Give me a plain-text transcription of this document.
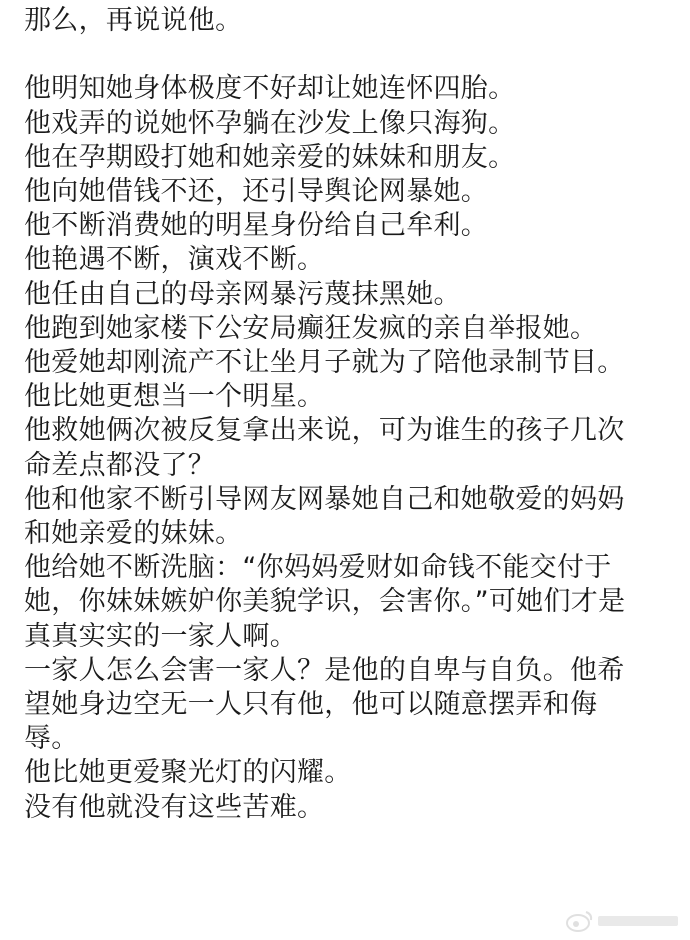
那么，再说说他。
他明知她身体极度不好却让她连怀四胎。
他戏弄的说她怀孕躺在沙发上像只海狗。
他在孕期殴打她和她亲爱的妹妹和朋友。
他向她借钱不还，还引导舆论网暴她。
他不断消费她的明星身份给自己牟利。
他艳遇不断，演戏不断。
他任由自己的母亲网暴污蔑抹黑她。
他跑到她家楼下公安局癫狂发疯的亲自举报她。
他爱她却刚流产不让坐月子就为了陪他录制节目。
他比她更想当一个明星。
他救她俩次被反复拿出来说，可为谁生的孩子几次
命差点都没了？
他和他家不断引导网友网暴她自己和她敬爱的妈妈
和她亲爱的妹妹。
他给她不断洗脑：“你妈妈爱财如命钱不能交付于
她，你妹妹嫉妒你美貌学识，会害你。”可她们才是
真真实实的一家人啊。
一家人怎么会害一家人？是他的自卑与自负。他希
望她身边空无一人只有他，他可以随意摆弄和侮
辱。
他比她更爱聚光灯的闪耀。
没有他就没有这些苦难。
